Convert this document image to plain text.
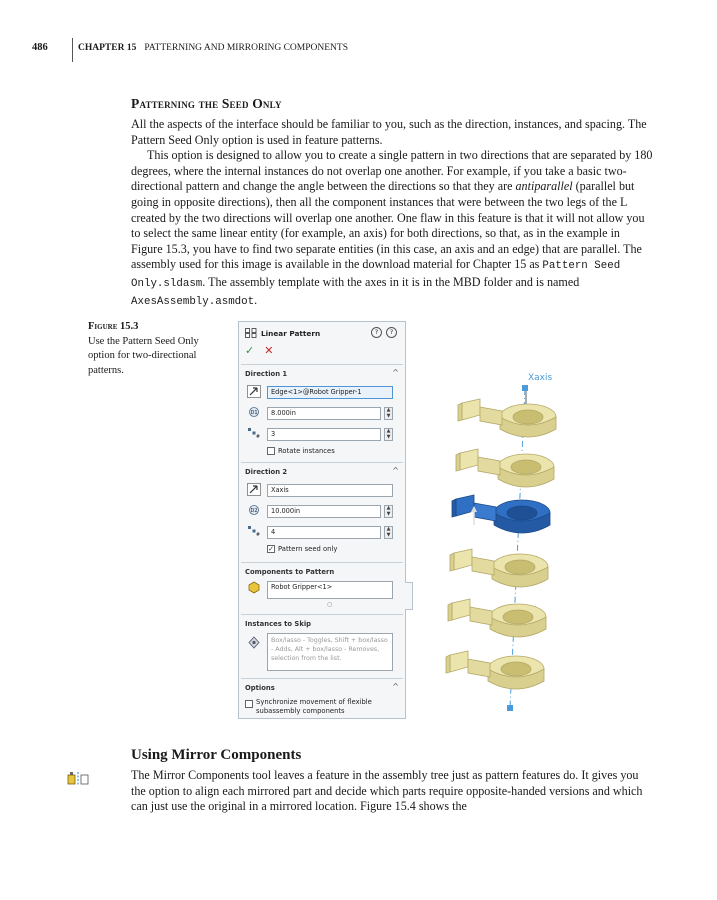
486	CHAPTER 15 PATTERNING AND MIRRORING COMPONENTS
Patterning the Seed Only

All the aspects of the interface should be familiar to you, such as the direction, instances, and spacing. The Pattern Seed Only option is used in feature patterns.

This option is designed to allow you to create a single pattern in two directions that are separated by 180 degrees, where the internal instances do not overlap one another. For example, if you take a basic two-directional pattern and change the angle between the directions so that they are antiparallel (parallel but going in opposite directions), then all the component instances that were between the two legs of the L created by the two directions will overlap one another. One flaw in this feature is that it will not allow you to select the same linear entity (for example, an axis) for both directions, so that, as in the example in Figure 15.3, you have to find two separate entities (in this case, an axis and an edge) that are parallel. The assembly used for this image is available in the download material for Chapter 15 as Pattern Seed Only.sldasm. The assembly template with the axes in it is in the MBD folder and is named AxesAssembly.asmdot.

Figure 15.3
Use the Pattern Seed Only option for two-directional patterns.
Linear Pattern	?	?
✓ ✕
Direction 1	^
Edge<1>@Robot Gripper-1
D1	8.000in	▲
▼
#	3	▲
▼
Rotate instances
Direction 2	^
Xaxis
D2	10.000in	▲
▼
#	4	▲
▼
✓ Pattern seed only
Components to Pattern
Robot Gripper<1>
○
Instances to Skip
Box/lasso - Toggles, Shift + box/lasso - Adds, Alt + box/lasso - Removes, selection from the list.
Options	^
Synchronize movement of flexible subassembly components
Xaxis
Using Mirror Components

The Mirror Components tool leaves a feature in the assembly tree just as pattern features do. It gives you the option to align each mirrored part and decide which parts require opposite-handed versions and which can just use the original in a mirrored location. Figure 15.4 shows the
